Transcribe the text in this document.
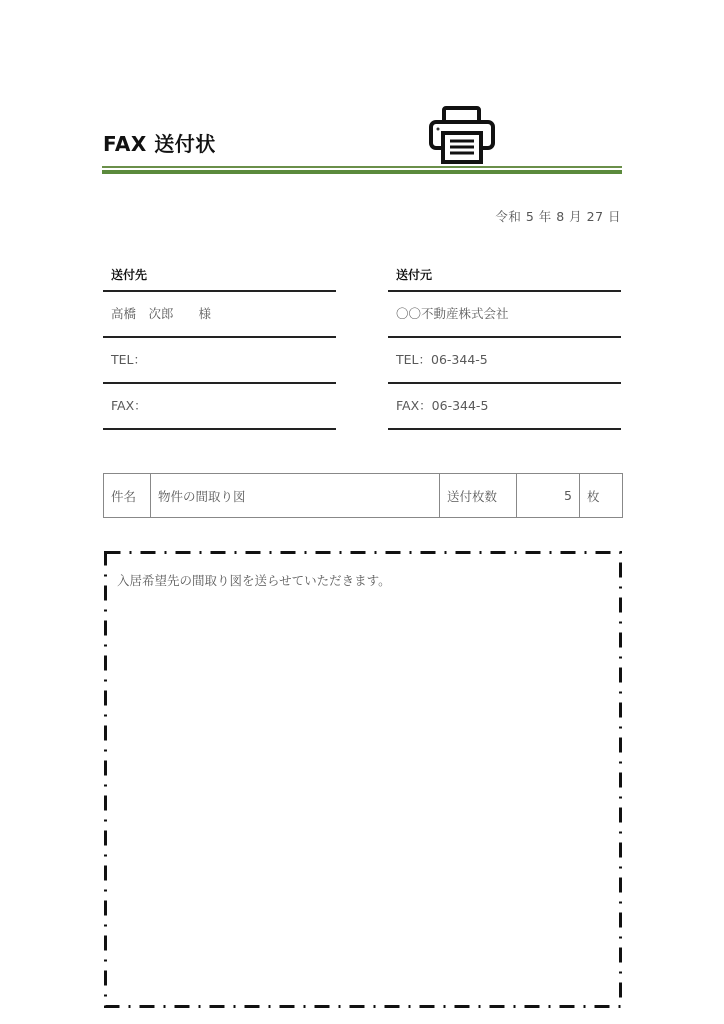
FAX 送付状
令和 5 年 8 月 27 日
送付先
高橋　次郎　　様
TEL：
FAX：
送付元
〇〇不動産株式会社
TEL：06-344-5
FAX：06-344-5
件名	物件の間取り図	送付枚数	5	枚
入居希望先の間取り図を送らせていただきます。
